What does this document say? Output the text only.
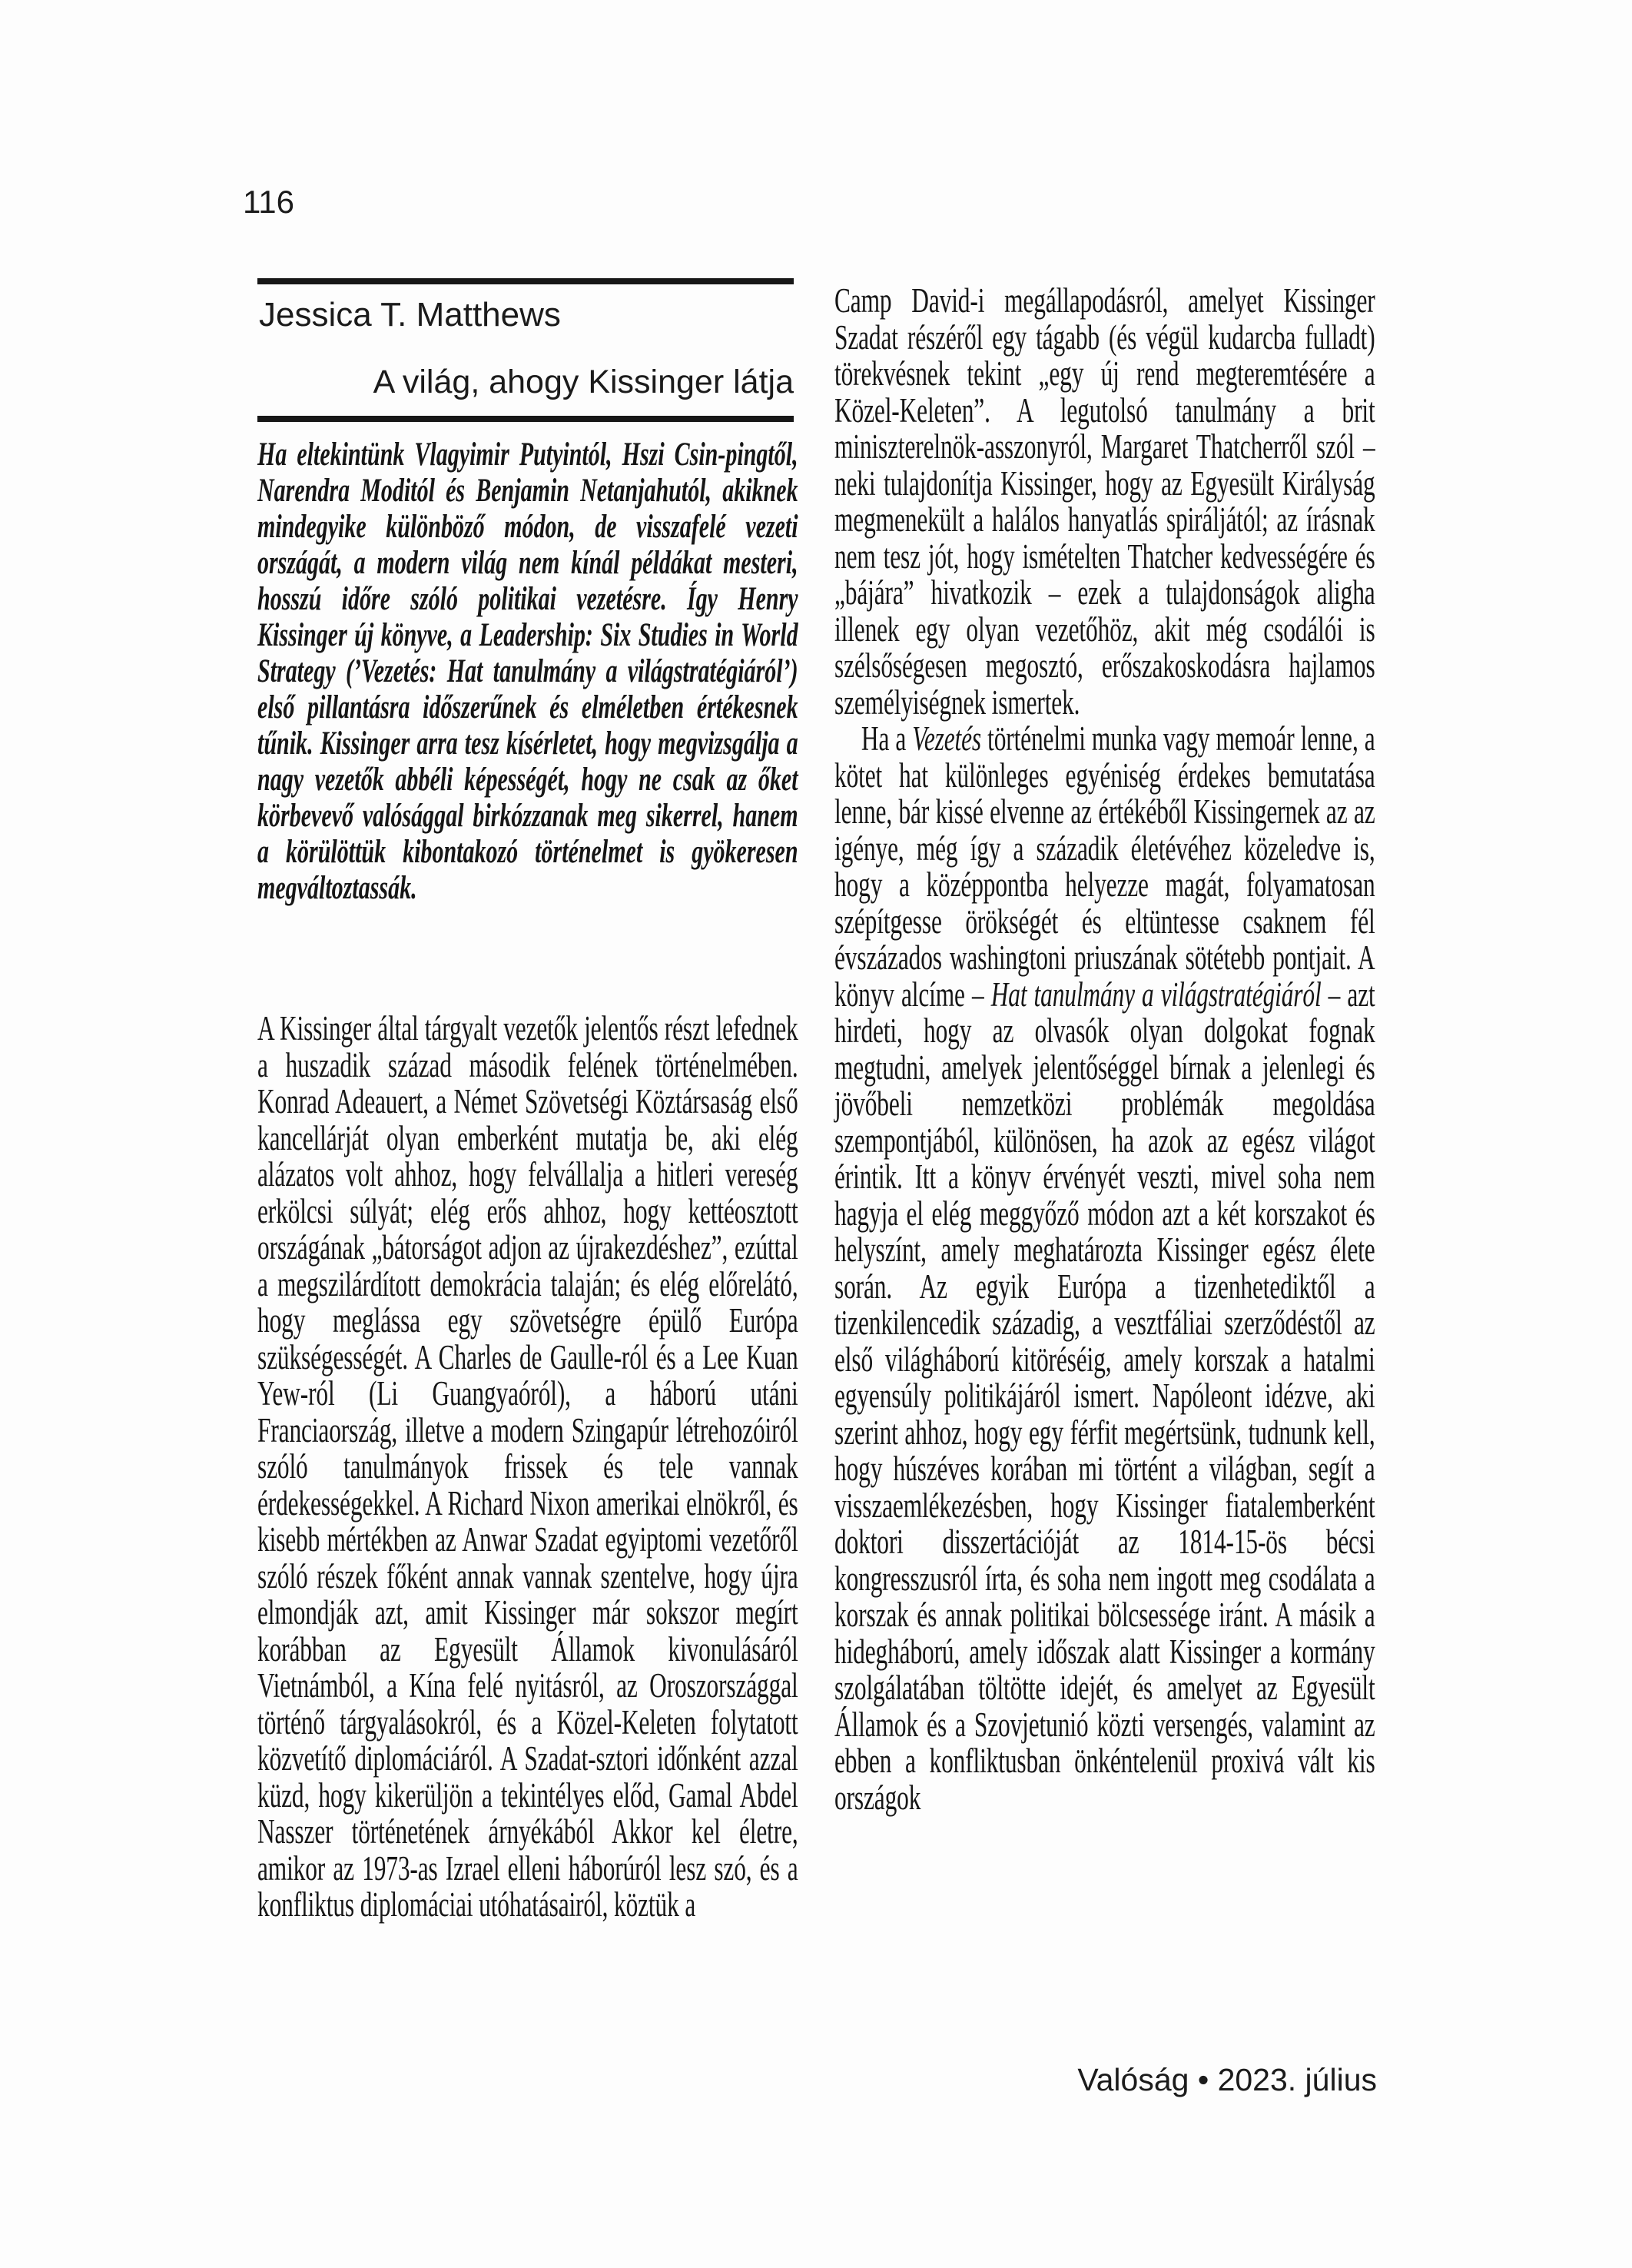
116
Jessica T. Matthews
A világ, ahogy Kissinger látja
Ha eltekintünk Vlagyimir Putyintól, Hszi Csin-pingtől, Narendra Moditól és Benjamin Netanjahutól, akiknek mindegyike különböző módon, de visszafelé vezeti országát, a modern világ nem kínál példákat mesteri, hosszú időre szóló politikai vezetésre. Így Henry Kissinger új könyve, a Leadership: Six Studies in World Strategy (’Vezetés: Hat tanulmány a világstratégiáról’) első pillantásra időszerűnek és elméletben értékesnek tűnik. Kissinger arra tesz kísérletet, hogy megvizsgálja a nagy vezetők abbéli képességét, hogy ne csak az őket körbevevő valósággal birkózzanak meg sikerrel, hanem a körülöttük kibontakozó történelmet is gyökeresen megváltoztassák.

A Kissinger által tárgyalt vezetők jelentős részt lefednek a huszadik század második felének történelmében. Konrad Adeauert, a Német Szövetségi Köztársaság első kancellárját olyan emberként mutatja be, aki elég alázatos volt ahhoz, hogy felvállalja a hitleri vereség erkölcsi súlyát; elég erős ahhoz, hogy kettéosztott országának „bátorságot adjon az újrakezdéshez”, ezúttal a megszilárdított demokrácia talaján; és elég előrelátó, hogy meglássa egy szövetségre épülő Európa szükségességét. A Charles de Gaulle-ról és a Lee Kuan Yew-ról (Li Guangyaóról), a háború utáni Franciaország, illetve a modern Szingapúr létrehozóiról szóló tanulmányok frissek és tele vannak érdekességekkel. A Richard Nixon amerikai elnökről, és kisebb mértékben az Anwar Szadat egyiptomi vezetőről szóló részek főként annak vannak szentelve, hogy újra elmondják azt, amit Kissinger már sokszor megírt korábban az Egyesült Államok kivonulásáról Vietnámból, a Kína felé nyitásról, az Oroszországgal történő tárgyalásokról, és a Közel-Keleten folytatott közvetítő diplomáciáról. A Szadat-sztori időnként azzal küzd, hogy kikerüljön a tekintélyes előd, Gamal Abdel Nasszer történetének árnyékából Akkor kel életre, amikor az 1973-as Izrael elleni háborúról lesz szó, és a konfliktus diplomáciai utóhatásairól, köztük a

Camp David-i megállapodásról, amelyet Kissinger Szadat részéről egy tágabb (és végül kudarcba fulladt) törekvésnek tekint „egy új rend megteremtésére a Közel-Keleten”. A legutolsó tanulmány a brit miniszterelnök-asszonyról, Margaret Thatcherről szól – neki tulajdonítja Kissinger, hogy az Egyesült Királyság megmenekült a halálos hanyatlás spiráljától; az írásnak nem tesz jót, hogy ismételten Thatcher kedvességére és „bájára” hivatkozik – ezek a tulajdonságok aligha illenek egy olyan vezetőhöz, akit még csodálói is szélsőségesen megosztó, erőszakoskodásra hajlamos személyiségnek ismertek.

Ha a Vezetés történelmi munka vagy memoár lenne, a kötet hat különleges egyéniség érdekes bemutatása lenne, bár kissé elvenne az értékéből Kissingernek az az igénye, még így a századik életévéhez közeledve is, hogy a középpontba helyezze magát, folyamatosan szépítgesse örökségét és eltüntesse csaknem fél évszázados washingtoni priuszának sötétebb pontjait. A könyv alcíme – Hat tanulmány a világstratégiáról – azt hirdeti, hogy az olvasók olyan dolgokat fognak megtudni, amelyek jelentőséggel bírnak a jelenlegi és jövőbeli nemzetközi problémák megoldása szempontjából, különösen, ha azok az egész világot érintik. Itt a könyv érvényét veszti, mivel soha nem hagyja el elég meggyőző módon azt a két korszakot és helyszínt, amely meghatározta Kissinger egész élete során. Az egyik Európa a tizenhetediktől a tizenkilencedik századig, a vesztfáliai szerződéstől az első világháború kitöréséig, amely korszak a hatalmi egyensúly politikájáról ismert. Napóleont idézve, aki szerint ahhoz, hogy egy férfit megértsünk, tudnunk kell, hogy húszéves korában mi történt a világban, segít a visszaemlékezésben, hogy Kissinger fiatalemberként doktori disszertációját az 1814-15-ös bécsi kongresszusról írta, és soha nem ingott meg csodálata a korszak és annak politikai bölcsessége iránt. A másik a hidegháború, amely időszak alatt Kissinger a kormány szolgálatában töltötte idejét, és amelyet az Egyesült Államok és a Szovjetunió közti versengés, valamint az ebben a konfliktusban önkéntelenül proxivá vált kis országok

Valóság • 2023. július
